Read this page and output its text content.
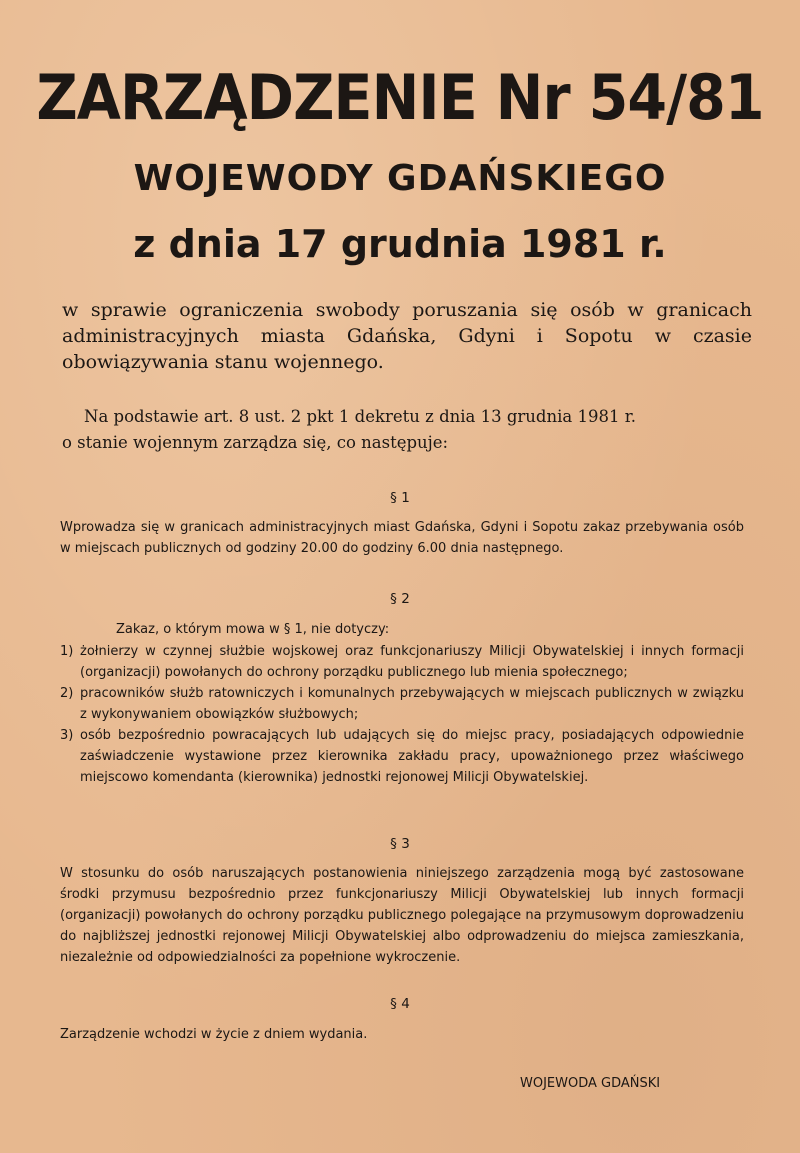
ZARZĄDZENIE Nr 54/81
WOJEWODY GDAŃSKIEGO
z dnia 17 grudnia 1981 r.
w sprawie ograniczenia swobody poruszania się osób w granicach administracyjnych miasta Gdańska, Gdyni i Sopotu w czasie obowiązywania stanu wojennego.
Na podstawie art. 8 ust. 2 pkt 1 dekretu z dnia 13 grudnia 1981 r.
o stanie wojennym zarządza się, co następuje:
§ 1
Wprowadza się w granicach administracyjnych miast Gdańska, Gdyni i Sopotu zakaz przebywania osób w miejscach publicznych od godziny 20.00 do godziny 6.00 dnia następnego.
§ 2
Zakaz, o którym mowa w § 1, nie dotyczy:
1) żołnierzy w czynnej służbie wojskowej oraz funkcjonariuszy Milicji Obywatelskiej i innych formacji (organizacji) powołanych do ochrony porządku publicznego lub mienia społecznego;
2) pracowników służb ratowniczych i komunalnych przebywających w miejscach publicznych w związku z wykonywaniem obowiązków służbowych;
3) osób bezpośrednio powracających lub udających się do miejsc pracy, posiadających odpowiednie zaświadczenie wystawione przez kierownika zakładu pracy, upoważnionego przez właściwego miejscowo komendanta (kierownika) jednostki rejonowej Milicji Obywatelskiej.
§ 3
W stosunku do osób naruszających postanowienia niniejszego zarządzenia mogą być zastosowane środki przymusu bezpośrednio przez funkcjonariuszy Milicji Obywatelskiej lub innych formacji (organizacji) powołanych do ochrony porządku publicznego polegające na przymusowym doprowadzeniu do najbliższej jednostki rejonowej Milicji Obywatelskiej albo odprowadzeniu do miejsca zamieszkania, niezależnie od odpowiedzialności za popełnione wykroczenie.
§ 4
Zarządzenie wchodzi w życie z dniem wydania.
WOJEWODA GDAŃSKI
